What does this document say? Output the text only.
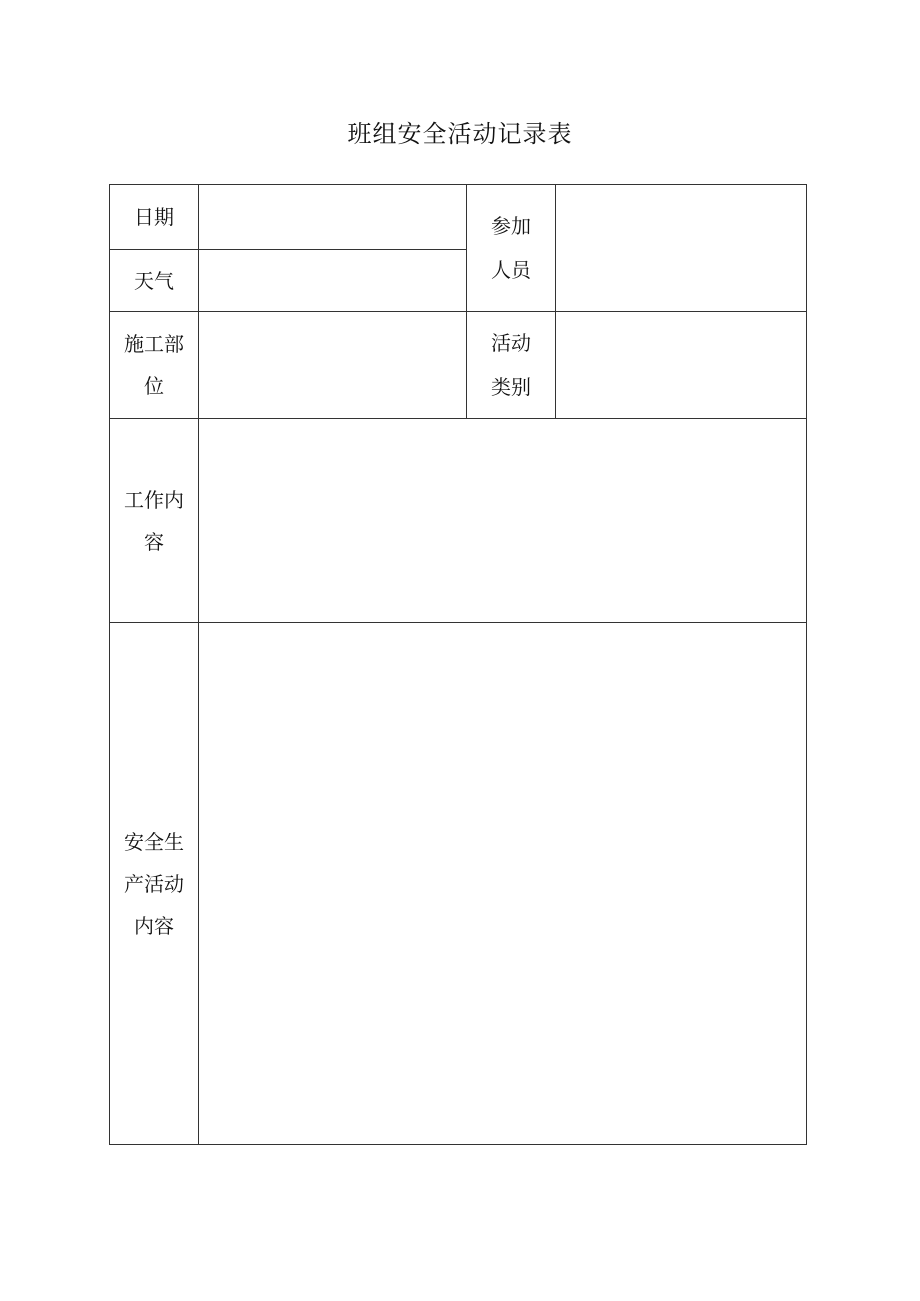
班组安全活动记录表
日期		参加人员	
天气			
施工部位		活动类别	
工作内容			
安全生产活动内容			
